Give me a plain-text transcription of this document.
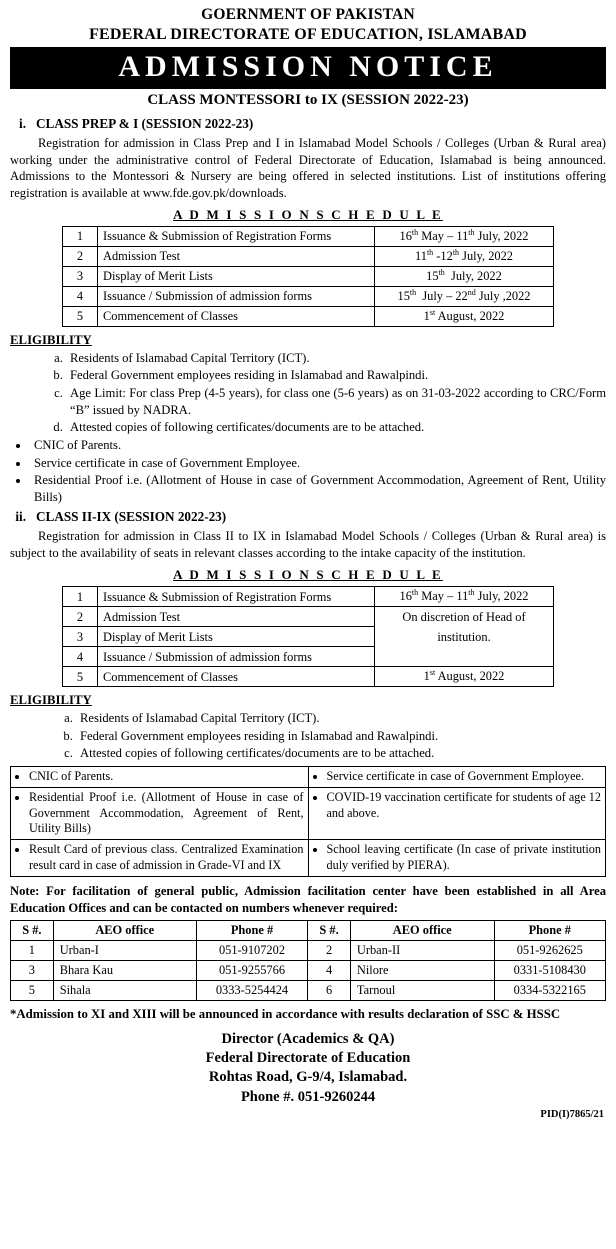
GOERNMENT OF PAKISTAN
FEDERAL DIRECTORATE OF EDUCATION, ISLAMABAD
ADMISSION NOTICE
CLASS MONTESSORI to IX (SESSION 2022-23)
i. CLASS PREP & I (SESSION 2022-23)

Registration for admission in Class Prep and I in Islamabad Model Schools / Colleges (Urban & Rural area) working under the administrative control of Federal Directorate of Education, Islamabad is being announced. Admissions to the Montessori & Nursery are being offered in selected institutions. List of institutions offering registration is available at www.fde.gov.pk/downloads.

A D M I S S I O N S C H E D U L E
1	Issuance & Submission of Registration Forms	16th May – 11th July, 2022
2	Admission Test	11th -12th July, 2022
3	Display of Merit Lists	15th  July, 2022
4	Issuance / Submission of admission forms	15th  July – 22nd July ,2022
5	Commencement of Classes	1st August, 2022
ELIGIBILITY
a. Residents of Islamabad Capital Territory (ICT).
b. Federal Government employees residing in Islamabad and Rawalpindi.
c. Age Limit: For class Prep (4-5 years), for class one (5-6 years) as on 31-03-2022 according to CRC/Form “B” issued by NADRA.
d. Attested copies of following certificates/documents are to be attached.
• CNIC of Parents.
• Service certificate in case of Government Employee.
• Residential Proof i.e. (Allotment of House in case of Government Accommodation, Agreement of Rent, Utility Bills)
ii. CLASS II-IX (SESSION 2022-23)

Registration for admission in Class II to IX in Islamabad Model Schools / Colleges (Urban & Rural area) is subject to the availability of seats in relevant classes according to the intake capacity of the institution.

A D M I S S I O N S C H E D U L E
1	Issuance & Submission of Registration Forms	16th May – 11th July, 2022
2	Admission Test	On discretion of Head of
3	Display of Merit Lists	institution.
4	Issuance / Submission of admission forms	
5	Commencement of Classes	1st August, 2022
ELIGIBILITY
a. Residents of Islamabad Capital Territory (ICT).
b. Federal Government employees residing in Islamabad and Rawalpindi.
c. Attested copies of following certificates/documents are to be attached.
• CNIC of Parents.

•Service certificate in case of Government Employee.

• Residential Proof i.e. (Allotment of House in case of Government Accommodation, Agreement of Rent, Utility Bills)

• COVID-19 vaccination certificate for students of age 12 and above.

• Result Card of previous class. Centralized Examination result card in case of admission in Grade-VI and IX

• School leaving certificate (In case of private institution duly verified by PIERA).
Note: For facilitation of general public, Admission facilitation center have been established in all Area Education Offices and can be contacted on numbers whenever required:
S #.	AEO office	Phone #	S #.	AEO office	Phone #
1	Urban-I	051-9107202	2	Urban-II	051-9262625
3	Bhara Kau	051-9255766	4	Nilore	0331-5108430
5	Sihala	0333-5254424	6	Tarnoul	0334-5322165
*Admission to XI and XIII will be announced in accordance with results declaration of SSC & HSSC
Director (Academics & QA)
Federal Directorate of Education
Rohtas Road, G-9/4, Islamabad.
Phone #. 051-9260244
PID(I)7865/21
